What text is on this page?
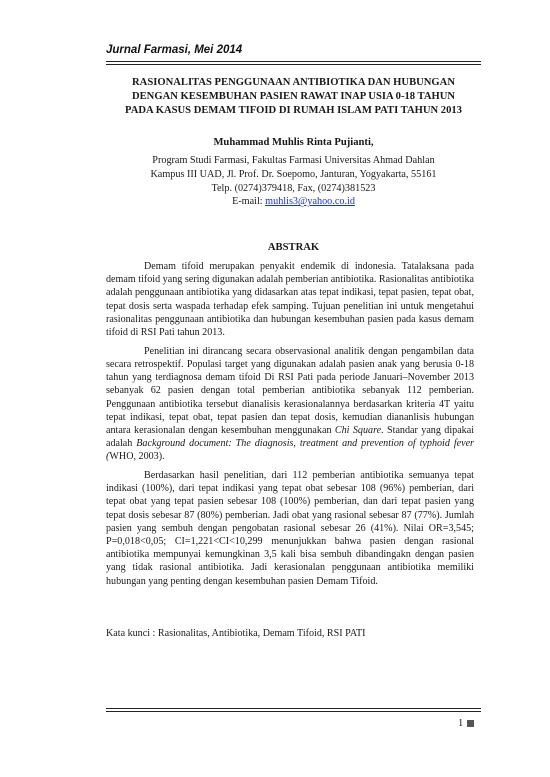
Jurnal Farmasi, Mei 2014
RASIONALITAS PENGGUNAAN ANTIBIOTIKA DAN HUBUNGAN
DENGAN KESEMBUHAN PASIEN RAWAT INAP USIA 0-18 TAHUN
PADA KASUS DEMAM TIFOID DI RUMAH ISLAM PATI TAHUN 2013
Muhammad Muhlis Rinta Pujianti,
Program Studi Farmasi, Fakultas Farmasi Universitas Ahmad Dahlan
Kampus III UAD, Jl. Prof. Dr. Soepomo, Janturan, Yogyakarta, 55161
Telp. (0274)379418, Fax, (0274)381523
E-mail: muhlis3@yahoo.co.id
ABSTRAK

Demam tifoid merupakan penyakit endemik di indonesia. Tatalaksana pada demam tifoid yang sering digunakan adalah pemberian antibiotika. Rasionalitas antibiotika adalah penggunaan antibiotika yang didasarkan atas tepat indikasi, tepat pasien, tepat obat, tepat dosis serta waspada terhadap efek samping. Tujuan penelitian ini untuk mengetahui rasionalitas penggunaan antibiotika dan hubungan kesembuhan pasien pada kasus demam tifoid di RSI Pati tahun 2013.

Penelitian ini dirancang secara observasional analitik dengan pengambilan data secara retrospektif. Populasi target yang digunakan adalah pasien anak yang berusia 0-18 tahun yang terdiagnosa demam tifoid Di RSI Pati pada periode Januari–November 2013 sebanyak 62 pasien dengan total pemberian antibiotika sebanyak 112 pemberian. Penggunaan antibiotika tersebut dianalisis kerasionalannya berdasarkan kriteria 4T yaitu tepat indikasi, tepat obat, tepat pasien dan tepat dosis, kemudian diananlisis hubungan antara kerasionalan dengan kesembuhan menggunakan Chi Square. Standar yang dipakai adalah Background document: The diagnosis, treatment and prevention of typhoid fever (WHO, 2003).

Berdasarkan hasil penelitian, dari 112 pemberian antibiotika semuanya tepat indikasi (100%), dari tepat indikasi yang tepat obat sebesar 108 (96%) pemberian, dari tepat obat yang tepat pasien sebesar 108 (100%) pemberian, dan dari tepat pasien yang tepat dosis sebesar 87 (80%) pemberian. Jadi obat yang rasional sebesar 87 (77%). Jumlah pasien yang sembuh dengan pengobatan rasional sebesar 26 (41%). Nilai OR=3,545; P=0,018<0,05; CI=1,221<CI<10,299 menunjukkan bahwa pasien dengan rasional antibiotika mempunyai kemungkinan 3,5 kali bisa sembuh dibandingakn dengan pasien yang tidak rasional antibiotika. Jadi kerasionalan penggunaan antibiotika memiliki hubungan yang penting dengan kesembuhan pasien Demam Tifoid.

Kata kunci : Rasionalitas, Antibiotika, Demam Tifoid, RSI PATI
1
